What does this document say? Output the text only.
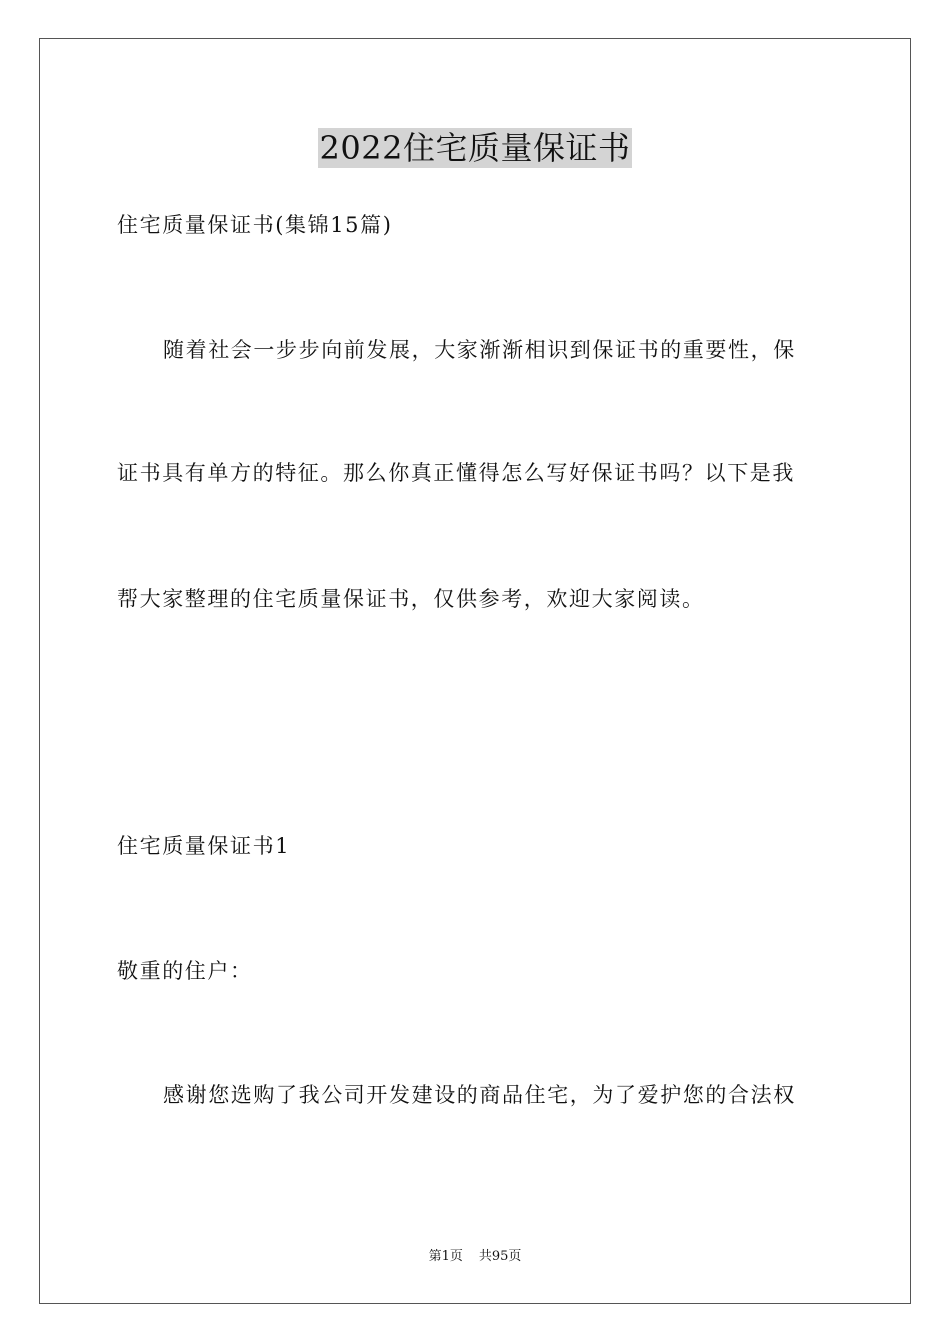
2022住宅质量保证书
住宅质量保证书(集锦15篇)
随着社会一步步向前发展，大家渐渐相识到保证书的重要性，保
证书具有单方的特征。那么你真正懂得怎么写好保证书吗？以下是我
帮大家整理的住宅质量保证书，仅供参考，欢迎大家阅读。
住宅质量保证书1
敬重的住户：
感谢您选购了我公司开发建设的商品住宅，为了爱护您的合法权
第1页 共95页
